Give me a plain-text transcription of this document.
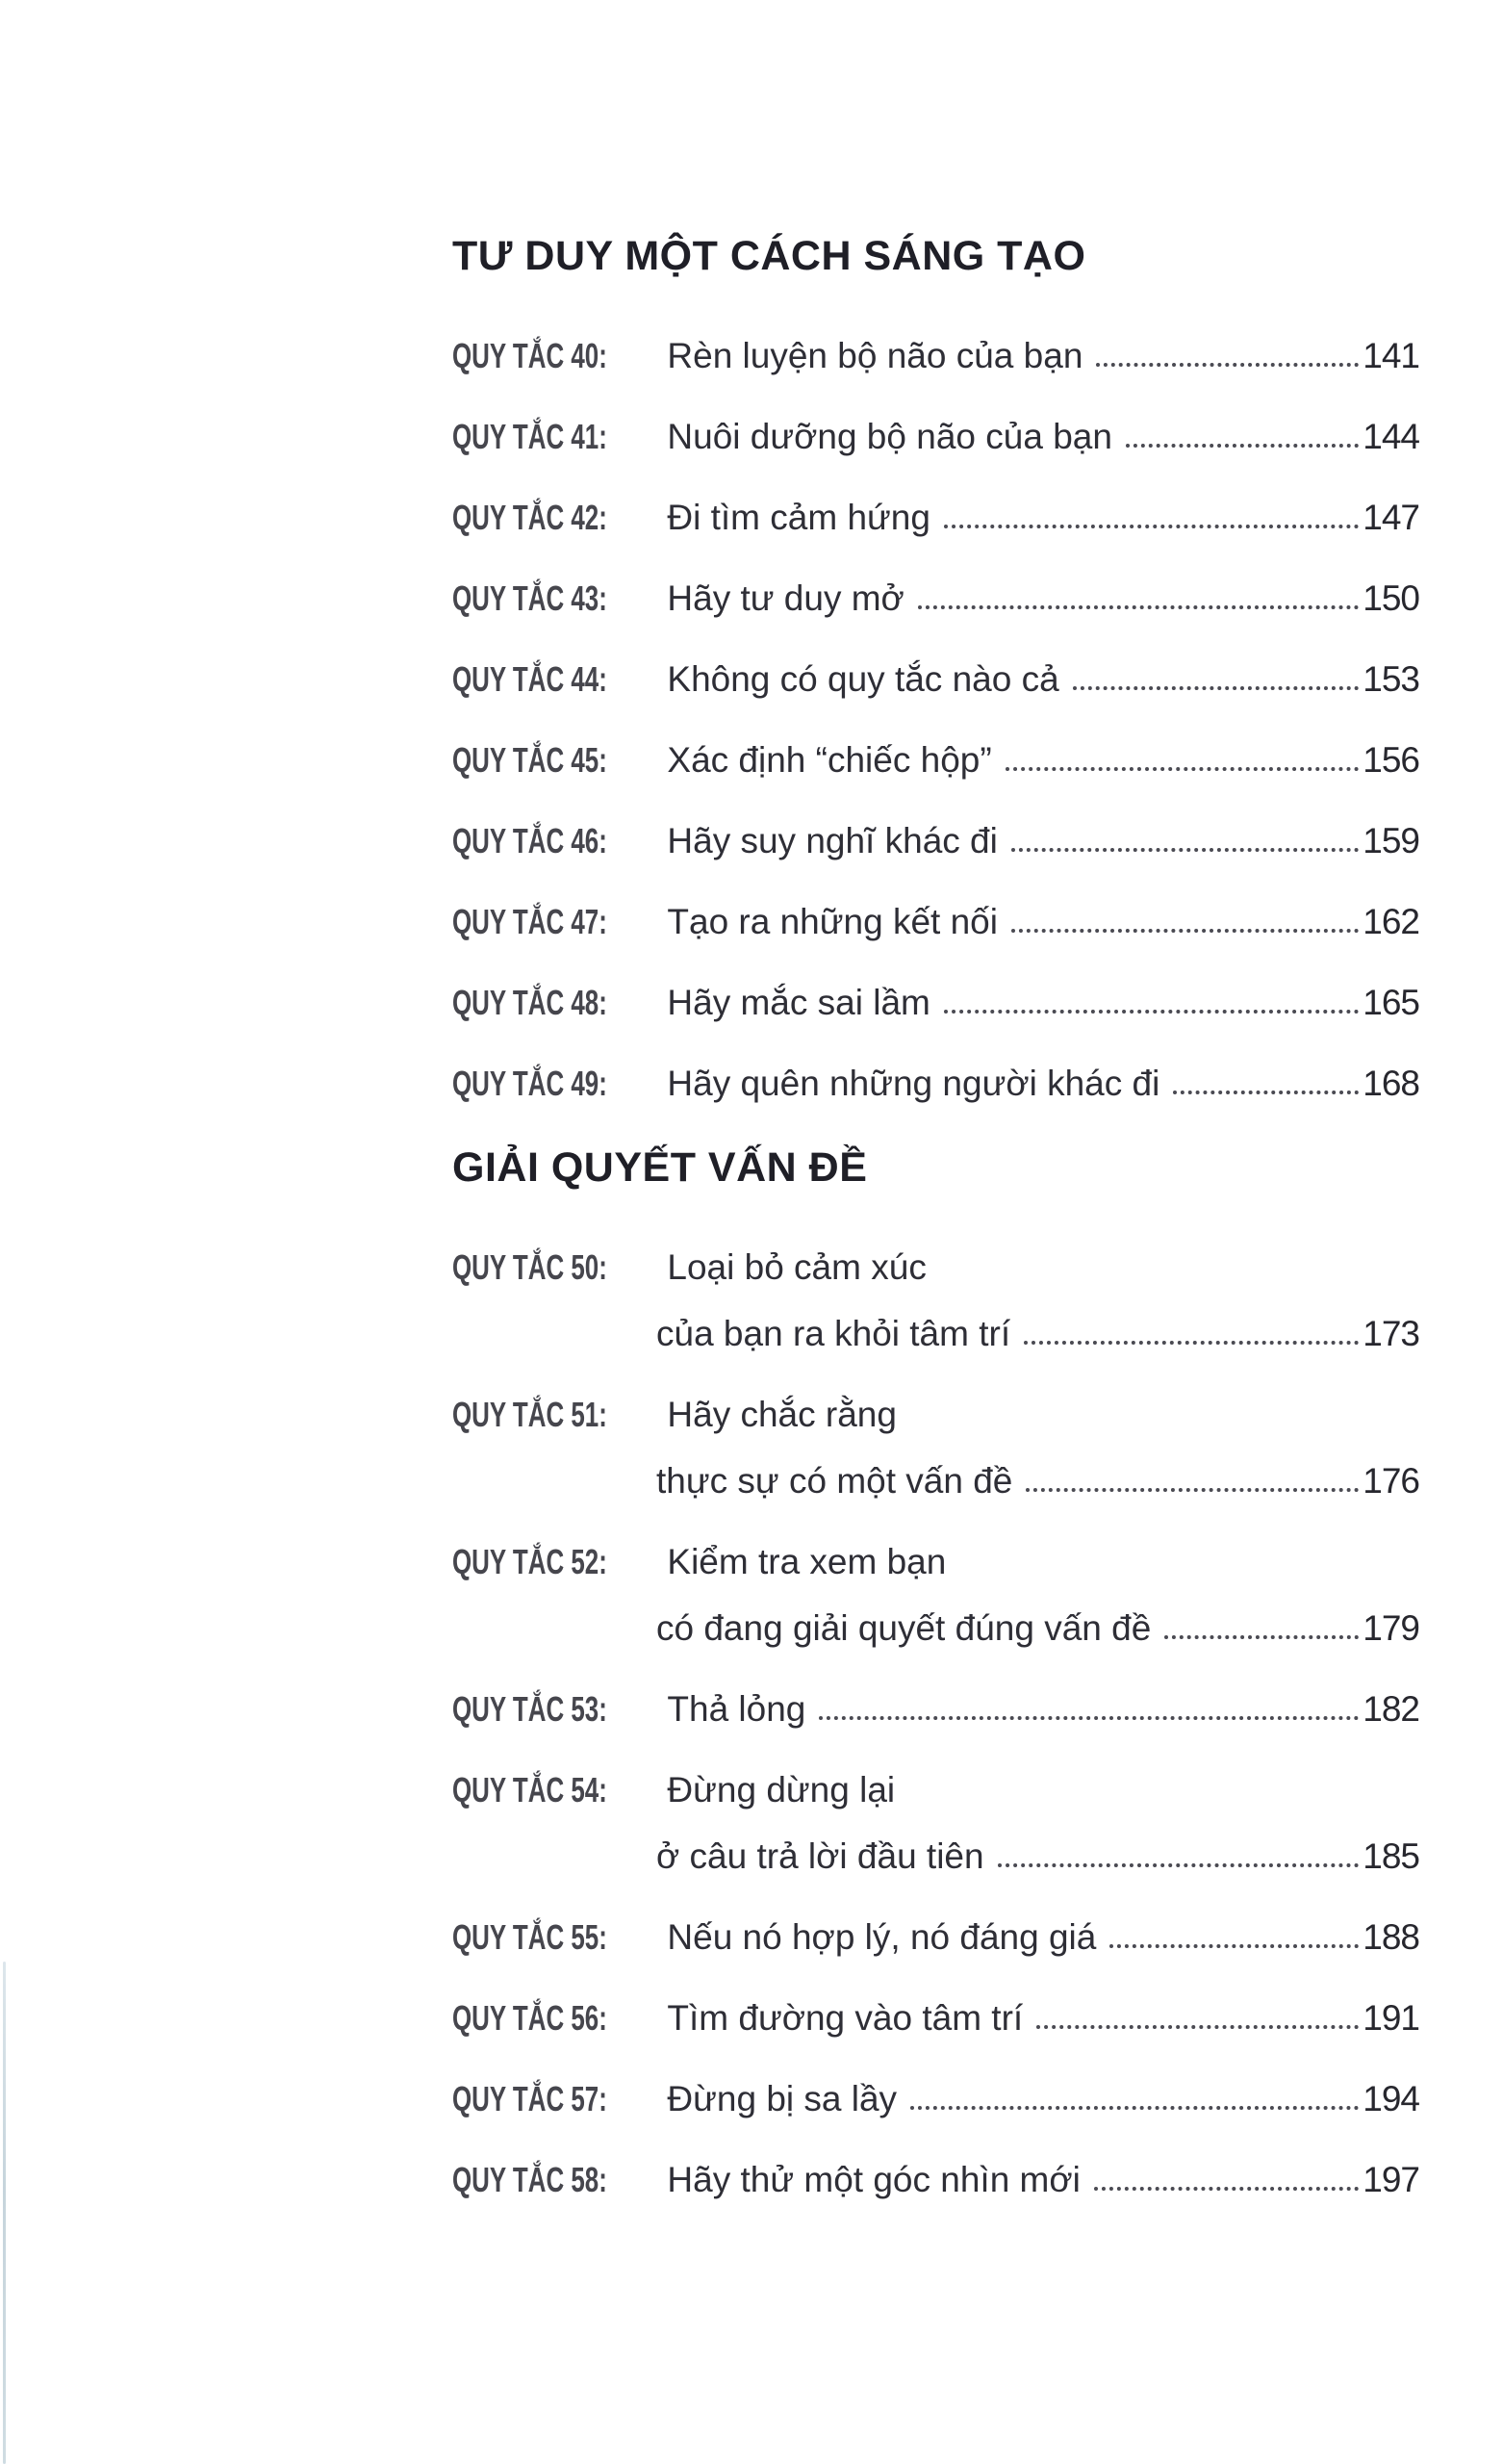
TƯ DUY MỘT CÁCH SÁNG TẠO
QUY TẮC 40: Rèn luyện bộ não của bạn	141
QUY TẮC 41: Nuôi dưỡng bộ não của bạn	144
QUY TẮC 42: Đi tìm cảm hứng	147
QUY TẮC 43: Hãy tư duy mở	150
QUY TẮC 44: Không có quy tắc nào cả	153
QUY TẮC 45: Xác định “chiếc hộp”	156
QUY TẮC 46: Hãy suy nghĩ khác đi	159
QUY TẮC 47: Tạo ra những kết nối	162
QUY TẮC 48: Hãy mắc sai lầm	165
QUY TẮC 49: Hãy quên những người khác đi	168
GIẢI QUYẾT VẤN ĐỀ
QUY TẮC 50: Loại bỏ cảm xúc
của bạn ra khỏi tâm trí	173
QUY TẮC 51: Hãy chắc rằng
thực sự có một vấn đề	176
QUY TẮC 52: Kiểm tra xem bạn
có đang giải quyết đúng vấn đề	179
QUY TẮC 53: Thả lỏng	182
QUY TẮC 54: Đừng dừng lại
ở câu trả lời đầu tiên	185
QUY TẮC 55: Nếu nó hợp lý, nó đáng giá	188
QUY TẮC 56: Tìm đường vào tâm trí	191
QUY TẮC 57: Đừng bị sa lầy	194
QUY TẮC 58: Hãy thử một góc nhìn mới	197
